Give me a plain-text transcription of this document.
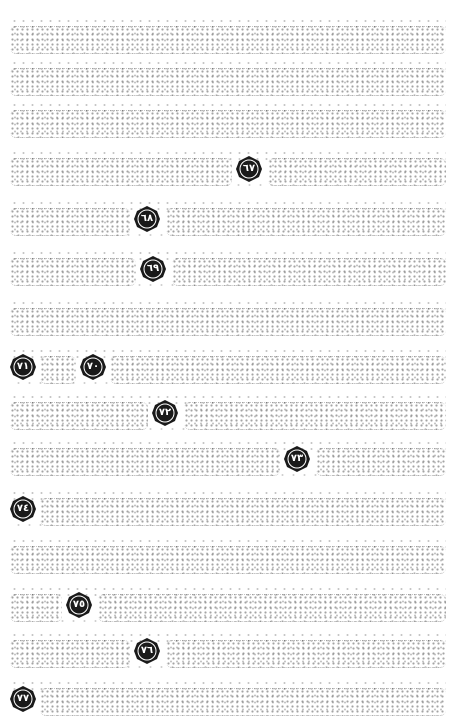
٦٧
٦٨
٦٩
٧١	٧٠
٧٢
٧٣
٧٤
٧٥
٧٦
٧٧
